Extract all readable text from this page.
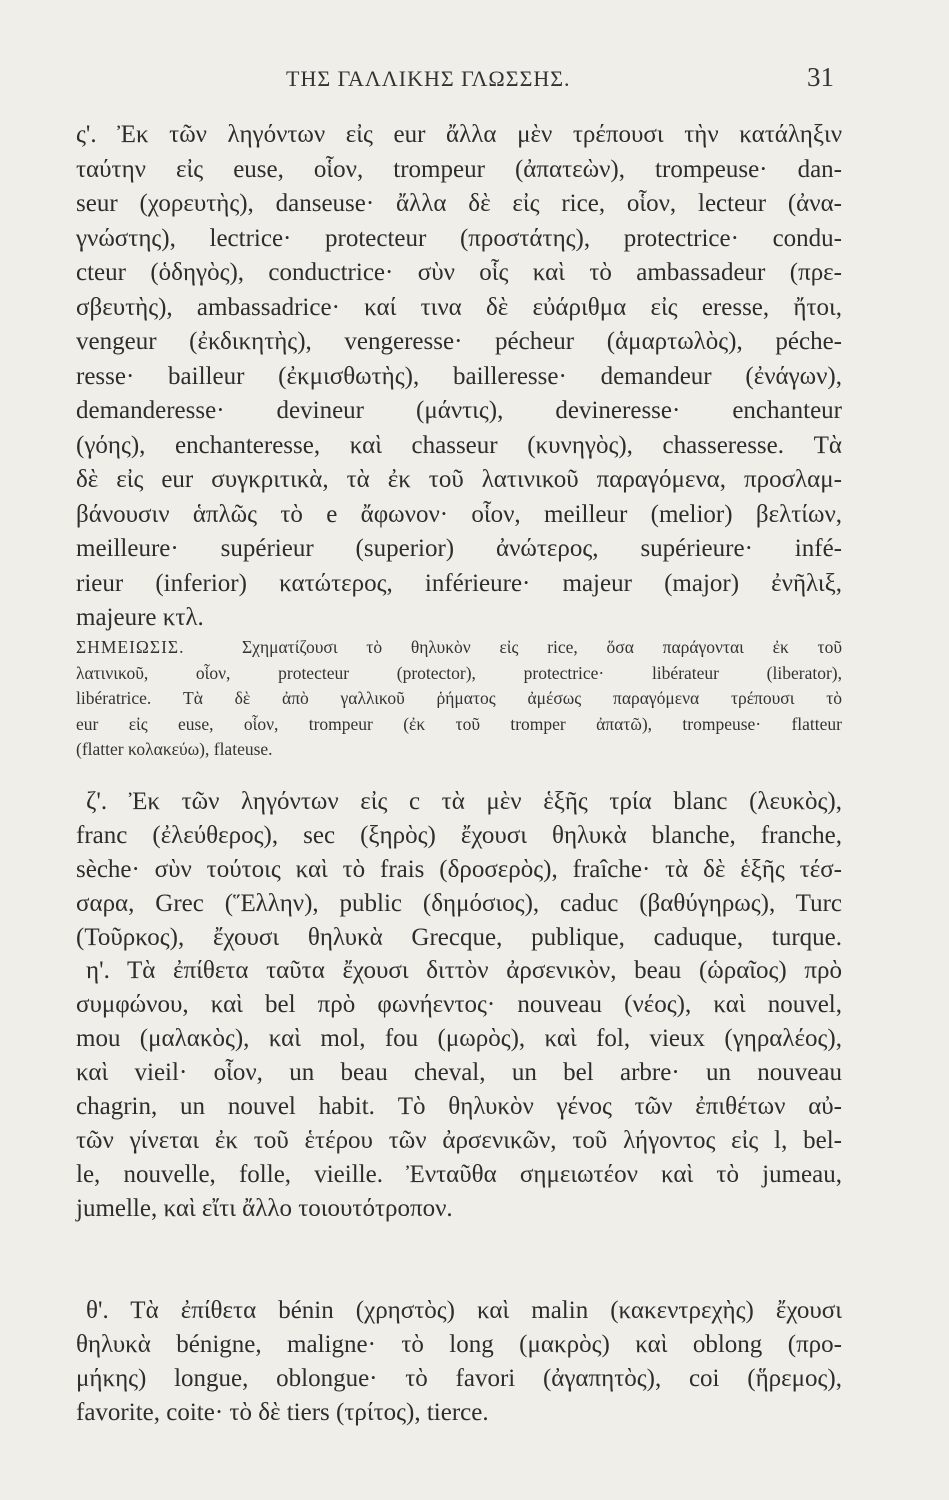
ΤΗΣ ΓΑΛΛΙΚΗΣ ΓΛΩΣΣΗΣ.	31
ς'. Ἐκ τῶν ληγόντων εἰς eur ἄλλα μὲν τρέπουσι τὴν κατάληξιν
ταύτην εἰς euse, οἷον, trompeur (ἀπατεὼν), trompeuse· dan-
seur (χορευτὴς), danseuse· ἄλλα δὲ εἰς rice, οἷον, lecteur (ἀνα-
γνώστης), lectrice· protecteur (προστάτης), protectrice· condu-
cteur (ὁδηγὸς), conductrice· σὺν οἷς καὶ τὸ ambassadeur (πρε-
σβευτὴς), ambassadrice· καί τινα δὲ εὐάριθμα εἰς eresse, ἤτοι,
vengeur (ἐκδικητὴς), vengeresse· pécheur (ἁμαρτωλὸς), péche-
resse· bailleur (ἐκμισθωτὴς), bailleresse· demandeur (ἐνάγων),
demanderesse· devineur (μάντις), devineresse· enchanteur
(γόης), enchanteresse, καὶ chasseur (κυνηγὸς), chasseresse. Τὰ
δὲ εἰς eur συγκριτικὰ, τὰ ἐκ τοῦ λατινικοῦ παραγόμενα, προσλαμ-
βάνουσιν ἁπλῶς τὸ e ἄφωνον· οἷον, meilleur (melior) βελτίων,
meilleure· supérieur (superior) ἀνώτερος, supérieure· infé-
rieur (inferior) κατώτερος, inférieure· majeur (major) ἐνῆλιξ,
majeure κτλ.
ΣΗΜΕΙΩΣΙΣ.	Σχηματίζουσι τὸ θηλυκὸν εἰς rice, ὅσα παράγονται ἐκ τοῦ
λατινικοῦ, οἷον, protecteur (protector), protectrice· libérateur (liberator),
libératrice. Τὰ δὲ ἀπὸ γαλλικοῦ ῥήματος ἀμέσως παραγόμενα τρέπουσι τὸ
eur εἰς euse, οἷον, trompeur (ἐκ τοῦ tromper ἀπατῶ), trompeuse· flatteur
(flatter κολακεύω), flateuse.
ζ'. Ἐκ τῶν ληγόντων εἰς c τὰ μὲν ἑξῆς τρία blanc (λευκὸς),
franc (ἐλεύθερος), sec (ξηρὸς) ἔχουσι θηλυκὰ blanche, franche,
sèche· σὺν τούτοις καὶ τὸ frais (δροσερὸς), fraîche· τὰ δὲ ἑξῆς τέσ-
σαρα, Grec (Ἕλλην), public (δημόσιος), caduc (βαθύγηρως), Turc
(Τοῦρκος), ἔχουσι θηλυκὰ Grecque, publique, caduque, turque.
η'. Τὰ ἐπίθετα ταῦτα ἔχουσι διττὸν ἀρσενικὸν, beau (ὡραῖος) πρὸ
συμφώνου, καὶ bel πρὸ φωνήεντος· nouveau (νέος), καὶ nouvel,
mou (μαλακὸς), καὶ mol, fou (μωρὸς), καὶ fol, vieux (γηραλέος),
καὶ vieil· οἷον, un beau cheval, un bel arbre· un nouveau
chagrin, un nouvel habit. Τὸ θηλυκὸν γένος τῶν ἐπιθέτων αὐ-
τῶν γίνεται ἐκ τοῦ ἑτέρου τῶν ἀρσενικῶν, τοῦ λήγοντος εἰς l, bel-
le, nouvelle, folle, vieille. Ἐνταῦθα σημειωτέον καὶ τὸ jumeau,
jumelle, καὶ εἴτι ἄλλο τοιουτότροπον.
θ'. Τὰ ἐπίθετα bénin (χρηστὸς) καὶ malin (κακεντρεχὴς) ἔχουσι
θηλυκὰ bénigne, maligne· τὸ long (μακρὸς) καὶ oblong (προ-
μήκης) longue, oblongue· τὸ favori (ἀγαπητὸς), coi (ἥρεμος),
favorite, coite· τὸ δὲ tiers (τρίτος), tierce.
